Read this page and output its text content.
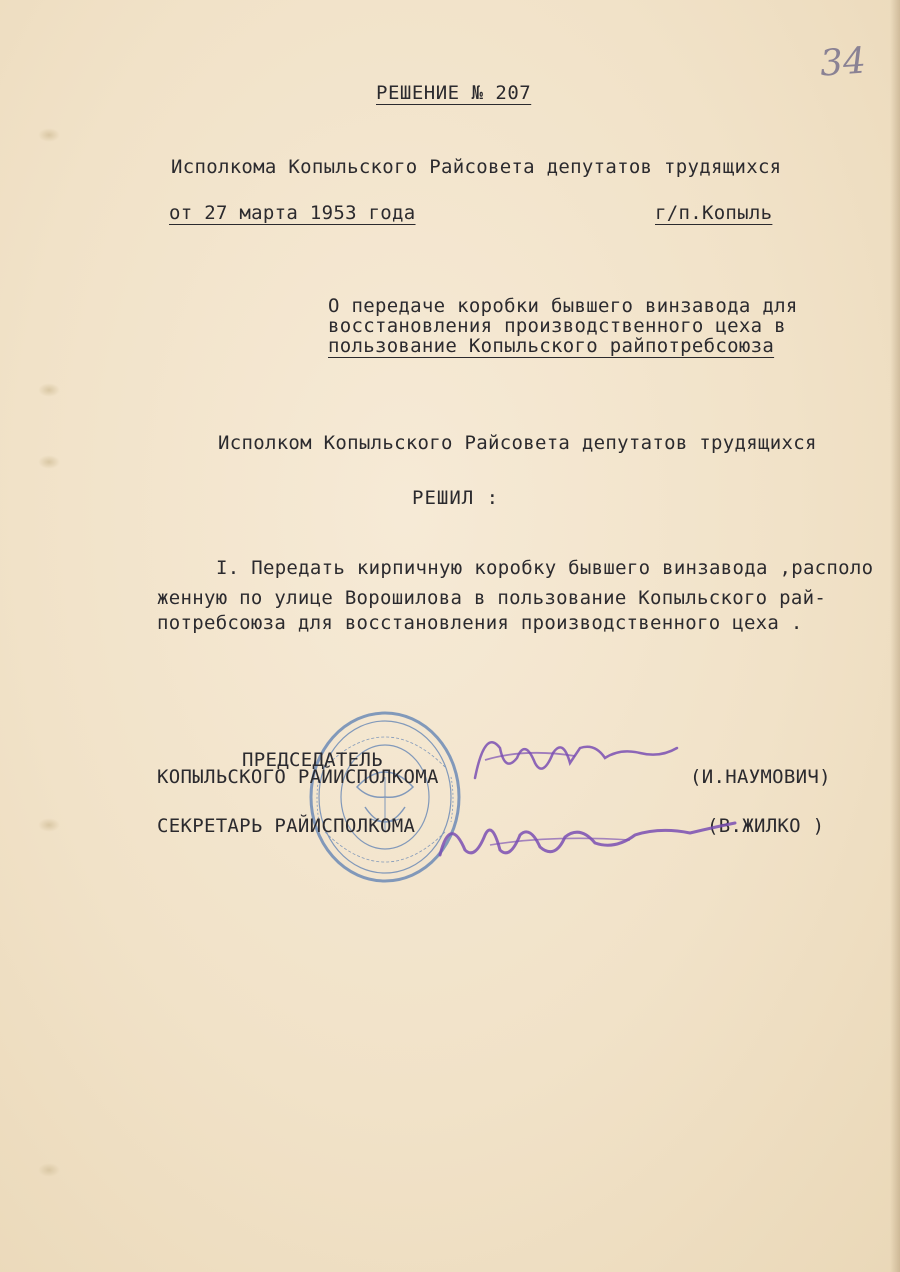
34
РЕШЕНИЕ № 207
Исполкома Копыльского Райсовета депутатов трудящихся
от 27 марта 1953 года	г/п.Копыль
О передаче коробки бывшего винзавода для
восстановления производственного цеха в
пользование Копыльского райпотребсоюза
Исполком Копыльского Райсовета депутатов трудящихся
РЕШИЛ :
I. Передать кирпичную коробку бывшего винзавода ,располо
женную по улице Ворошилова в пользование Копыльского рай-
потребсоюза для восстановления производственного цеха .
ПРЕДСЕДАТЕЛЬ
КОПЫЛЬСКОГО РАЙИСПОЛКОМА	(И.НАУМОВИЧ)
СЕКРЕТАРЬ РАЙИСПОЛКОМА	(В.ЖИЛКО )
